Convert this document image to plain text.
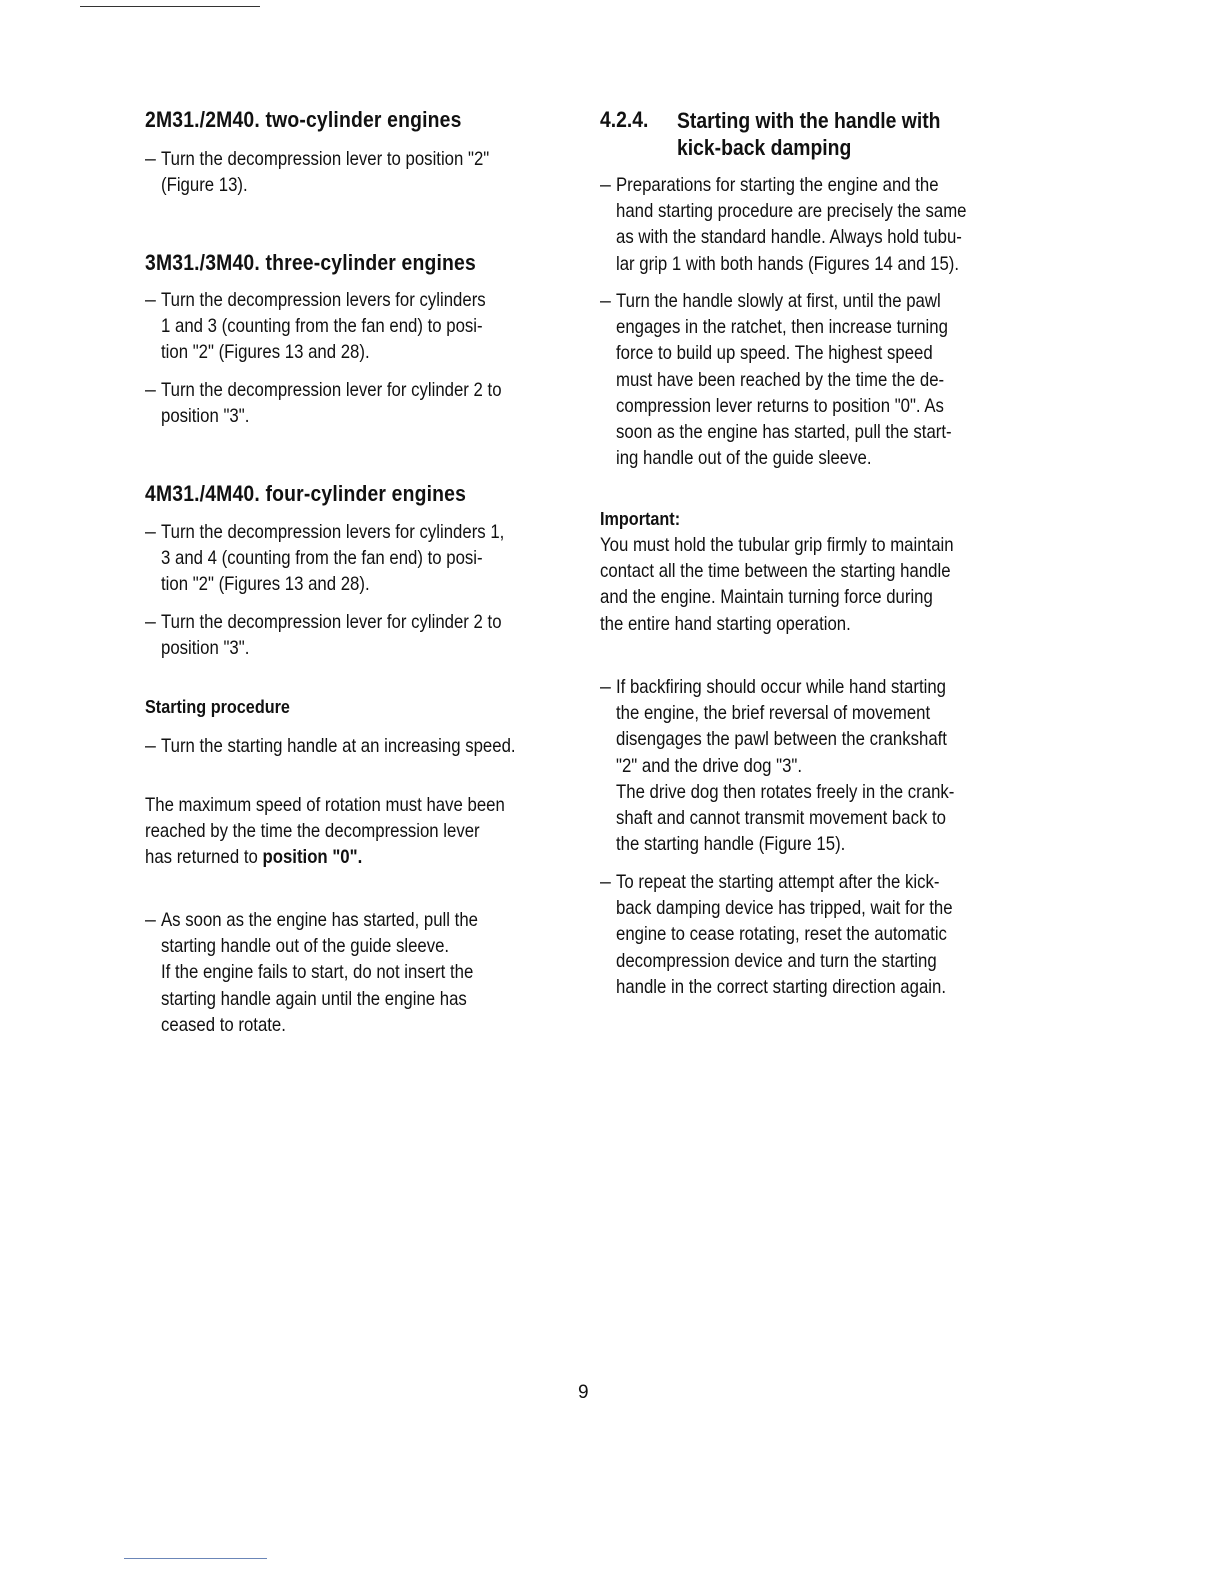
2M31./2M40. two-cylinder engines
– Turn the decompression lever to position "2"
(Figure 13).
3M31./3M40. three-cylinder engines
– Turn the decompression levers for cylinders
1 and 3 (counting from the fan end) to posi-
tion "2" (Figures 13 and 28).
– Turn the decompression lever for cylinder 2 to
position "3".
4M31./4M40. four-cylinder engines
– Turn the decompression levers for cylinders 1,
3 and 4 (counting from the fan end) to posi-
tion "2" (Figures 13 and 28).
– Turn the decompression lever for cylinder 2 to
position "3".
Starting procedure
– Turn the starting handle at an increasing speed.
The maximum speed of rotation must have been
reached by the time the decompression lever
has returned to position "0".
– As soon as the engine has started, pull the
starting handle out of the guide sleeve.
If the engine fails to start, do not insert the
starting handle again until the engine has
ceased to rotate.
4.2.4. Starting with the handle with
kick-back damping
– Preparations for starting the engine and the
hand starting procedure are precisely the same
as with the standard handle. Always hold tubu-
lar grip 1 with both hands (Figures 14 and 15).
– Turn the handle slowly at first, until the pawl
engages in the ratchet, then increase turning
force to build up speed. The highest speed
must have been reached by the time the de-
compression lever returns to position "0". As
soon as the engine has started, pull the start-
ing handle out of the guide sleeve.
Important:
You must hold the tubular grip firmly to maintain
contact all the time between the starting handle
and the engine. Maintain turning force during
the entire hand starting operation.
– If backfiring should occur while hand starting
the engine, the brief reversal of movement
disengages the pawl between the crankshaft
"2" and the drive dog "3".
The drive dog then rotates freely in the crank-
shaft and cannot transmit movement back to
the starting handle (Figure 15).
– To repeat the starting attempt after the kick-
back damping device has tripped, wait for the
engine to cease rotating, reset the automatic
decompression device and turn the starting
handle in the correct starting direction again.
9
